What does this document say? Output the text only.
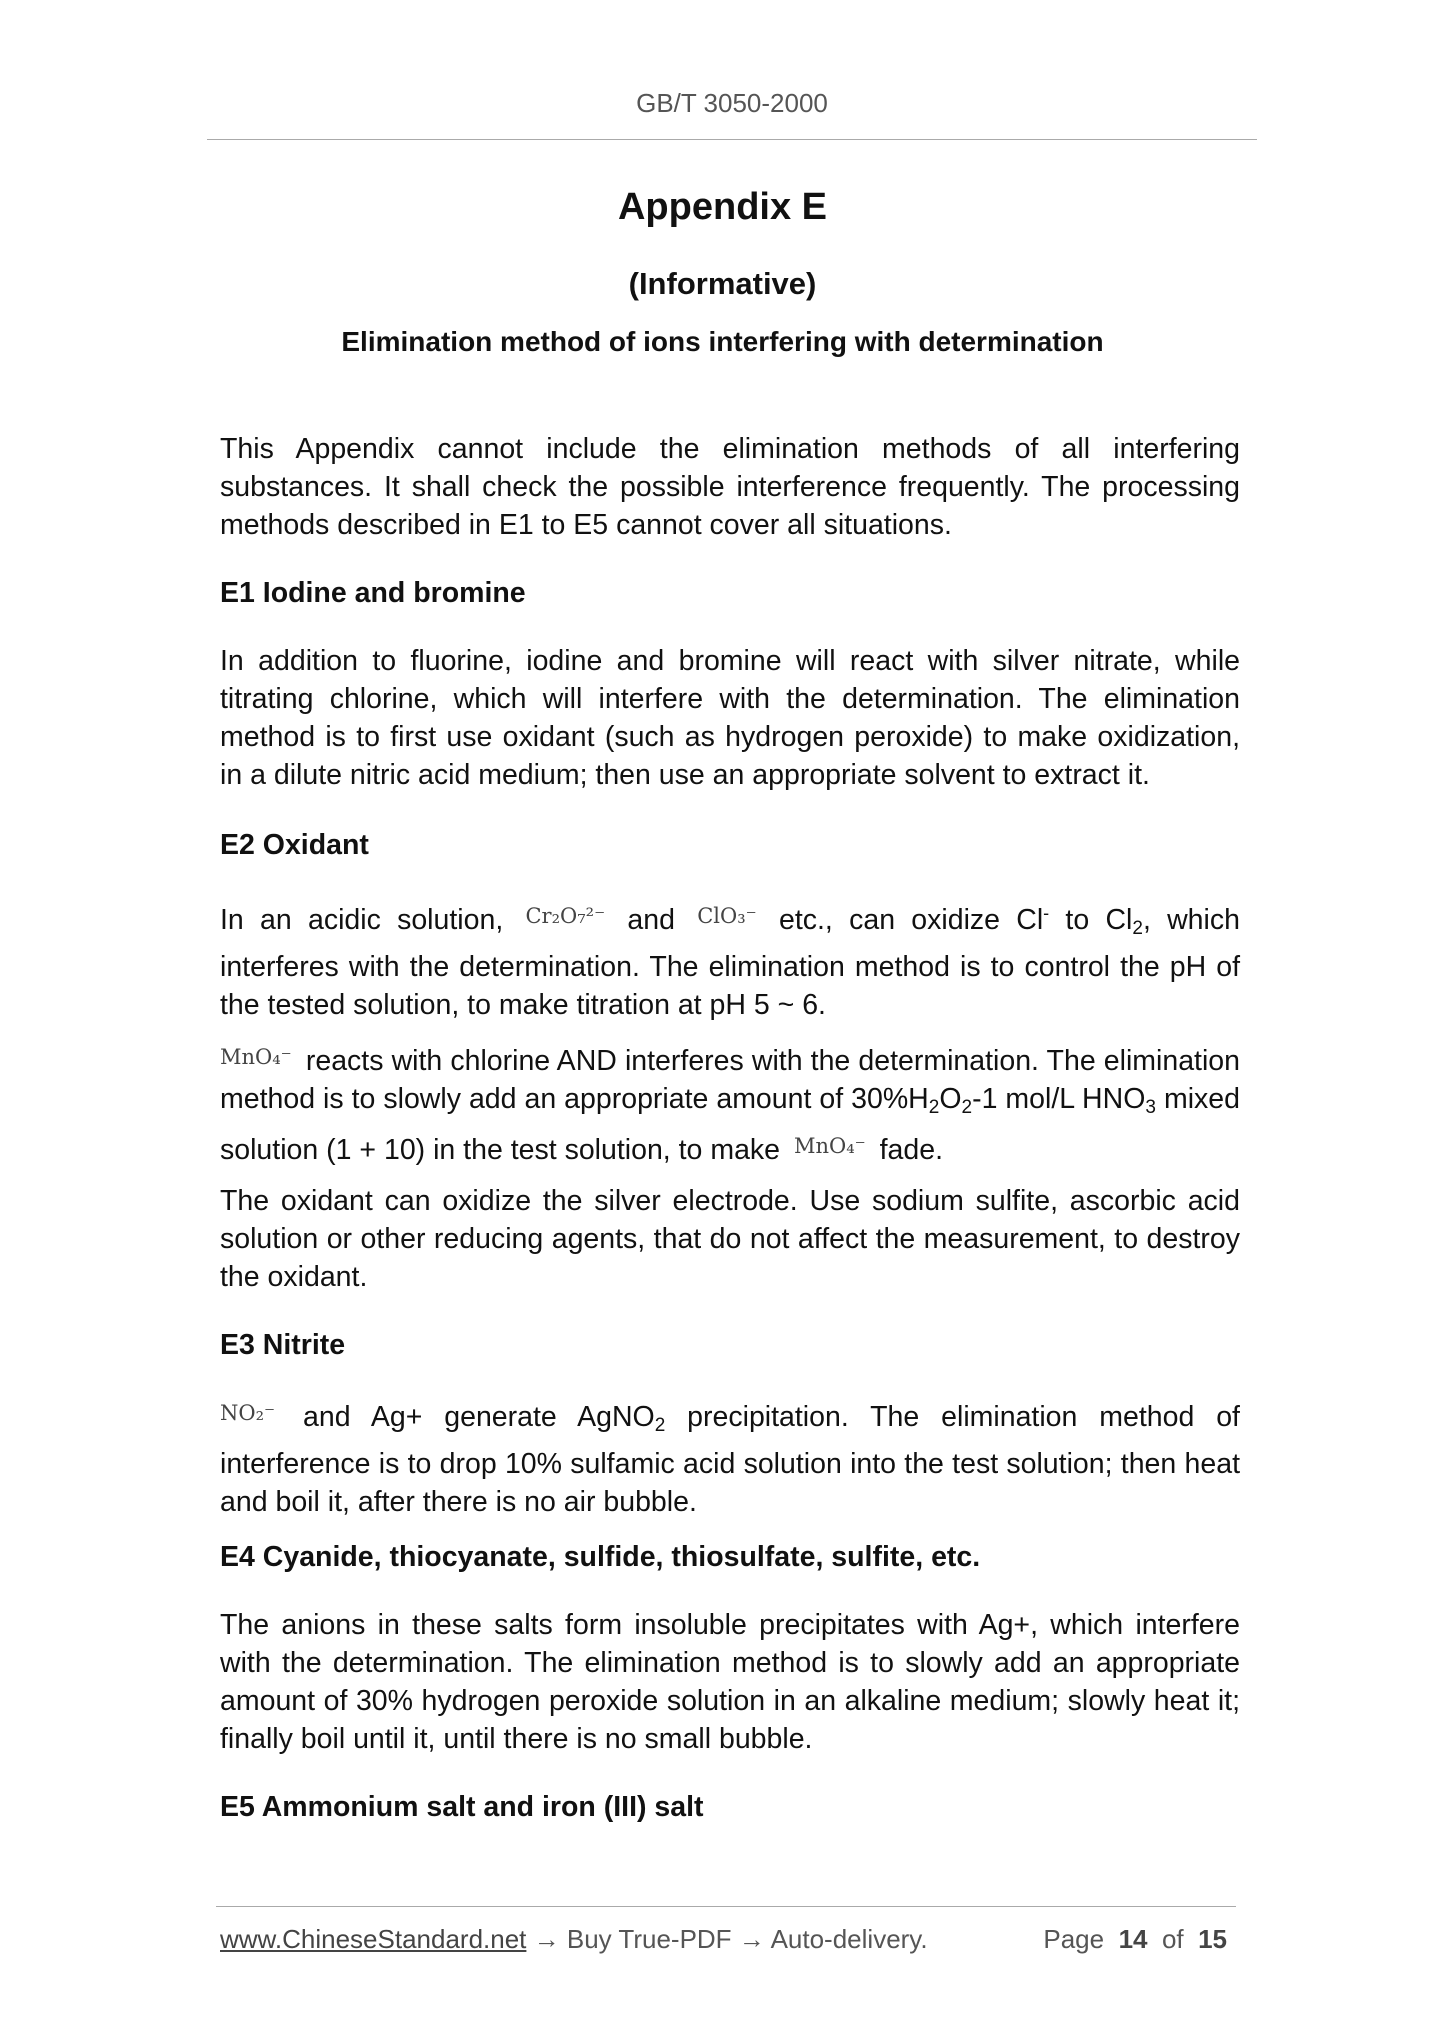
GB/T 3050-2000
Appendix E
(Informative)
Elimination method of ions interfering with determination

This Appendix cannot include the elimination methods of all interfering substances. It shall check the possible interference frequently. The processing methods described in E1 to E5 cannot cover all situations.

E1 Iodine and bromine

In addition to fluorine, iodine and bromine will react with silver nitrate, while titrating chlorine, which will interfere with the determination. The elimination method is to first use oxidant (such as hydrogen peroxide) to make oxidization, in a dilute nitric acid medium; then use an appropriate solvent to extract it.

E2 Oxidant

In an acidic solution, Cr₂O₇²⁻ and ClO₃⁻ etc., can oxidize Cl- to $Cl_2$, which interferes with the determination. The elimination method is to control the pH of the tested solution, to make titration at pH 5 ~ 6.

MnO₄⁻ reacts with chlorine AND interferes with the determination. The elimination method is to slowly add an appropriate amount of $30\%H_2O_2-1$ mol/L $HNO_3$ mixed solution (1 + 10) in the test solution, to make MnO₄⁻ fade.

The oxidant can oxidize the silver electrode. Use sodium sulfite, ascorbic acid solution or other reducing agents, that do not affect the measurement, to destroy the oxidant.

E3 Nitrite

NO₂⁻ and Ag+ generate AgNO$_2$ precipitation. The elimination method of interference is to drop 10% sulfamic acid solution into the test solution; then heat and boil it, after there is no air bubble.

E4 Cyanide, thiocyanate, sulfide, thiosulfate, sulfite, etc.

The anions in these salts form insoluble precipitates with Ag+, which interfere with the determination. The elimination method is to slowly add an appropriate amount of 30% hydrogen peroxide solution in an alkaline medium; slowly heat it; finally boil until it, until there is no small bubble.

E5 Ammonium salt and iron (III) salt

www.ChineseStandard.net → Buy True-PDF → Auto-delivery.	Page 14 of 15
